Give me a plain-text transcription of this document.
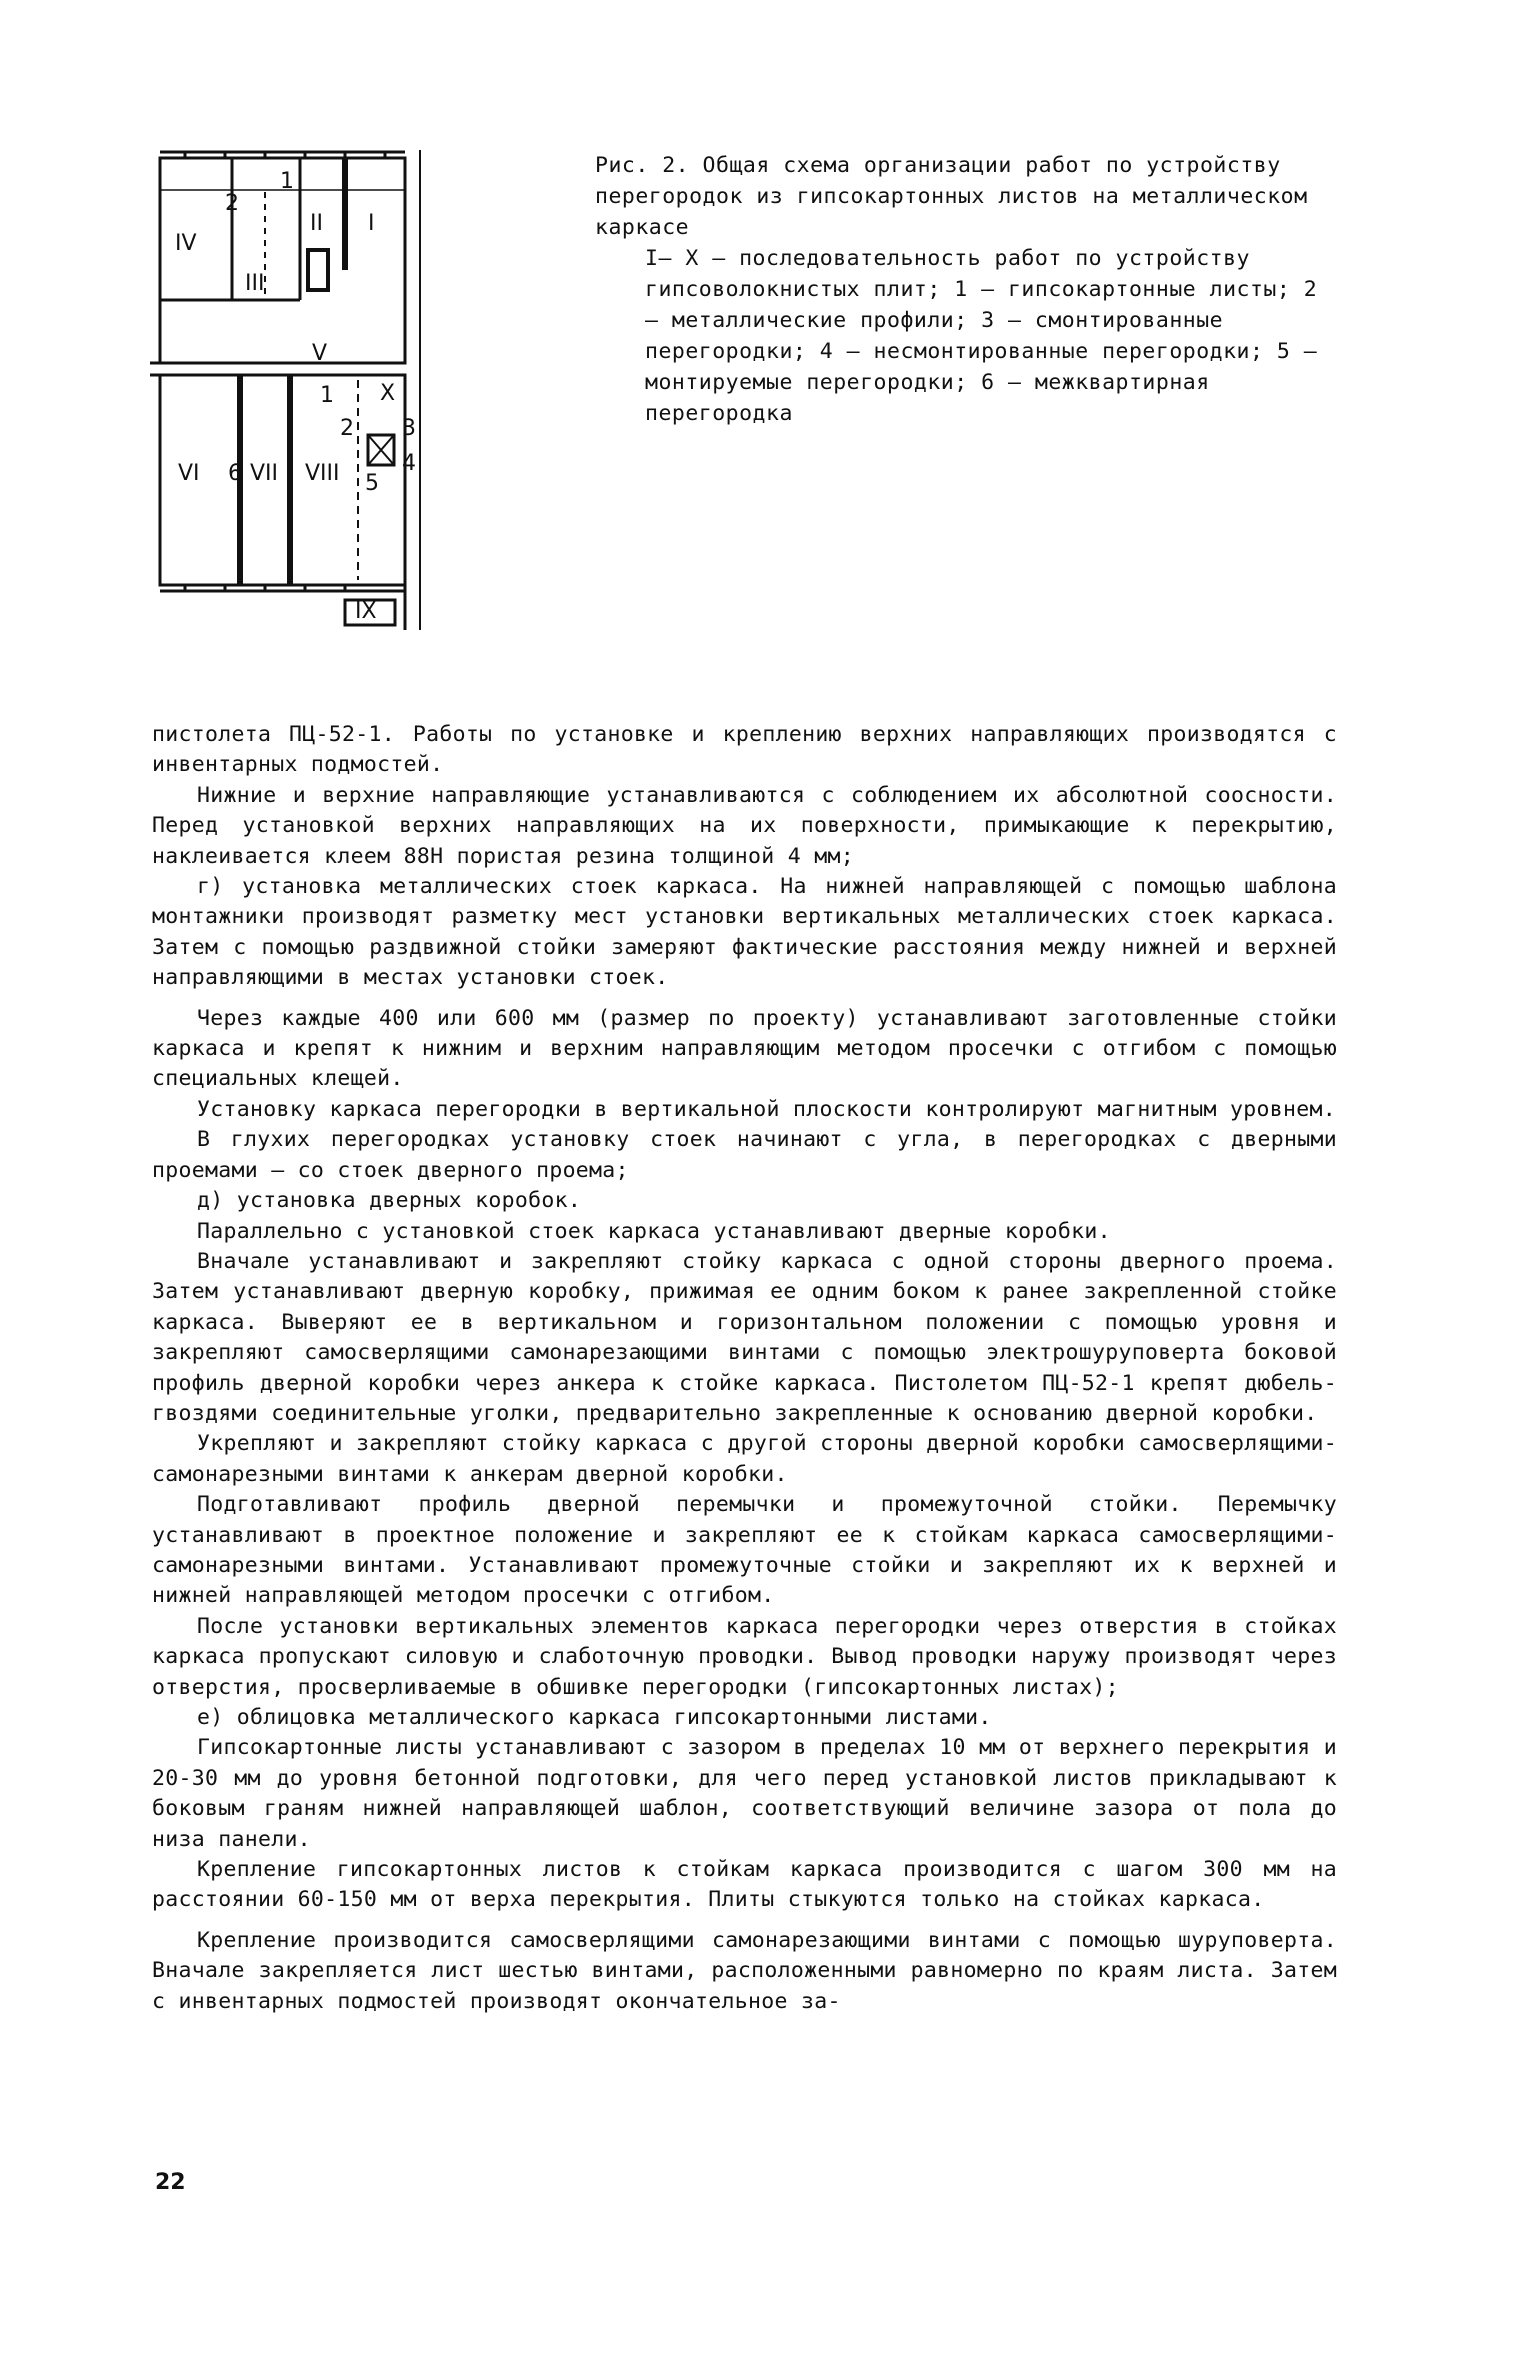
IV
III
II I
V
VI VII VIII
IX
X
1
1
2
2 3
4
5
6

Рис. 2. Общая схема организации работ по устройству перегородок из гипсокартонных листов на металлическом каркасе

I– X – последовательность работ по устройству гипсоволокнистых плит; 1 – гипсокартонные листы; 2 – металлические профили; 3 – смонтированные перегородки; 4 – несмонтированные перегородки; 5 – монтируемые перегородки; 6 – межквартирная перегородка

пистолета ПЦ-52-1. Работы по установке и креплению верхних направляющих производятся с инвентарных подмостей.

Нижние и верхние направляющие устанавливаются с соблюдением их абсолютной соосности. Перед установкой верхних направляющих на их поверхности, примыкающие к перекрытию, наклеивается клеем 88Н пористая резина толщиной 4 мм;

г) установка металлических стоек каркаса. На нижней направляющей с помощью шаблона монтажники производят разметку мест установки вертикальных металлических стоек каркаса. Затем с помощью раздвижной стойки замеряют фактические расстояния между нижней и верхней направляющими в местах установки стоек.

Через каждые 400 или 600 мм (размер по проекту) устанавливают заготовленные стойки каркаса и крепят к нижним и верхним направляющим методом просечки с отгибом с помощью специальных клещей.

Установку каркаса перегородки в вертикальной плоскости контролируют магнитным уровнем.

В глухих перегородках установку стоек начинают с угла, в перегородках с дверными проемами – со стоек дверного проема;

д) установка дверных коробок.

Параллельно с установкой стоек каркаса устанавливают дверные коробки.

Вначале устанавливают и закрепляют стойку каркаса с одной стороны дверного проема. Затем устанавливают дверную коробку, прижимая ее одним боком к ранее закрепленной стойке каркаса. Выверяют ее в вертикальном и горизонтальном положении с помощью уровня и закрепляют самосверлящими самонарезающими винтами с помощью электрошуруповерта боковой профиль дверной коробки через анкера к стойке каркаса. Пистолетом ПЦ-52-1 крепят дюбель-гвоздями соединительные уголки, предварительно закрепленные к основанию дверной коробки.

Укрепляют и закрепляют стойку каркаса с другой стороны дверной коробки самосверлящими-самонарезными винтами к анкерам дверной коробки.

Подготавливают профиль дверной перемычки и промежуточной стойки. Перемычку устанавливают в проектное положение и закрепляют ее к стойкам каркаса самосверлящими-самонарезными винтами. Устанавливают промежуточные стойки и закрепляют их к верхней и нижней направляющей методом просечки с отгибом.

После установки вертикальных элементов каркаса перегородки через отверстия в стойках каркаса пропускают силовую и слаботочную проводки. Вывод проводки наружу производят через отверстия, просверливаемые в обшивке перегородки (гипсокартонных листах);

е) облицовка металлического каркаса гипсокартонными листами.

Гипсокартонные листы устанавливают с зазором в пределах 10 мм от верхнего перекрытия и 20-30 мм до уровня бетонной подготовки, для чего перед установкой листов прикладывают к боковым граням нижней направляющей шаблон, соответствующий величине зазора от пола до низа панели.

Крепление гипсокартонных листов к стойкам каркаса производится с шагом 300 мм на расстоянии 60-150 мм от верха перекрытия. Плиты стыкуются только на стойках каркаса.

Крепление производится самосверлящими самонарезающими винтами с помощью шуруповерта. Вначале закрепляется лист шестью винтами, расположенными равномерно по краям листа. Затем с инвентарных подмостей производят окончательное за-

22
